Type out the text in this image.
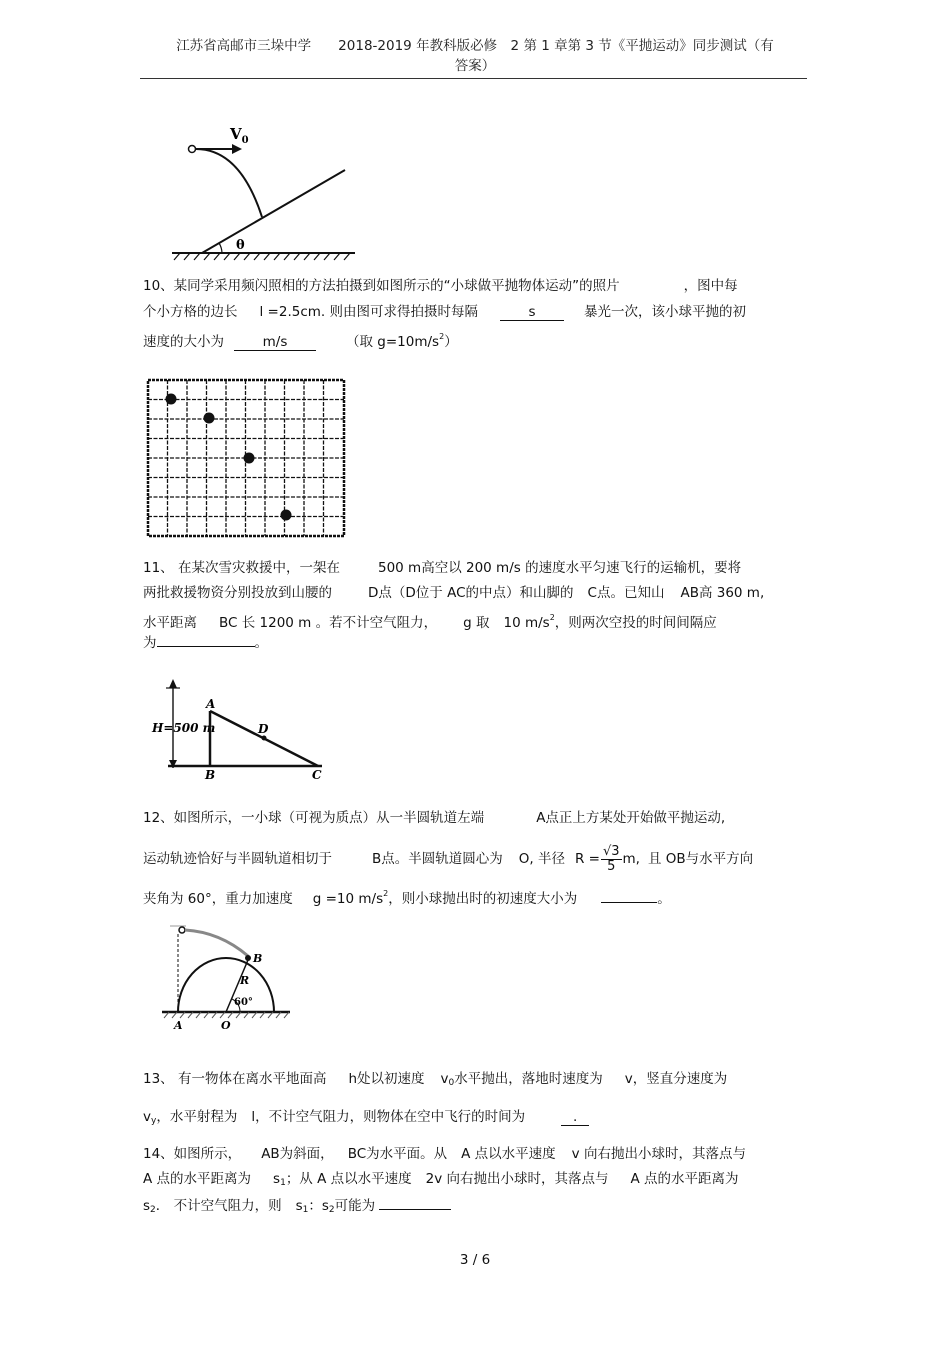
江苏省高邮市三垛中学　　2018-2019 年教科版必修　2 第 1 章第 3 节《平抛运动》同步测试（有
答案）
$V_0$
θ
10、某同学采用频闪照相的方法拍摄到如图所示的“小球做平抛物体运动”的照片	，图中每
个小方格的边长 l =2.5cm. 则由图可求得拍摄时每隔	s	暴光一次，该小球平抛的初
速度的大小为	m/s	（取 $g=10m/s^2$）
11、 在某次雪灾救援中，一架在	500 m高空以 200 m/s 的速度水平匀速飞行的运输机，要将
两批救援物资分别投放到山腰的	D点（D位于 AC的中点）和山脚的 C点。已知山 AB高 360 m,
水平距离 BC 长 1200 m 。若不计空气阻力， g 取 10 $m/s^2$，则两次空投的时间间隔应
为	。
H=500 m
A
D
B	C
12、如图所示，一小球（可视为质点）从一半圆轨道左端	A点正上方某处开始做平抛运动,
运动轨迹恰好与半圆轨道相切于	B点。半圆轨道圆心为 O, 半径 $R = \frac{√3}{5} m$, 且 OB与水平方向
夹角为 60°，重力加速度 g =10 $m/s^2$，则小球抛出时的初速度大小为	。
B
R
60°
A	O
13、 有一物体在离水平地面高 h处以初速度 $v_0$水平抛出，落地时速度为 v，竖直分速度为
$v_y$，水平射程为 l，不计空气阻力，则物体在空中飞行的时间为	.
14、如图所示， AB为斜面， BC为水平面。从 A 点以水平速度 v 向右抛出小球时，其落点与
A 点的水平距离为 $s_1$；从 A 点以水平速度 2v 向右抛出小球时，其落点与 A 点的水平距离为
$s_2$． 不计空气阻力，则 $s_1$：$s_2$可能为
3 / 6
